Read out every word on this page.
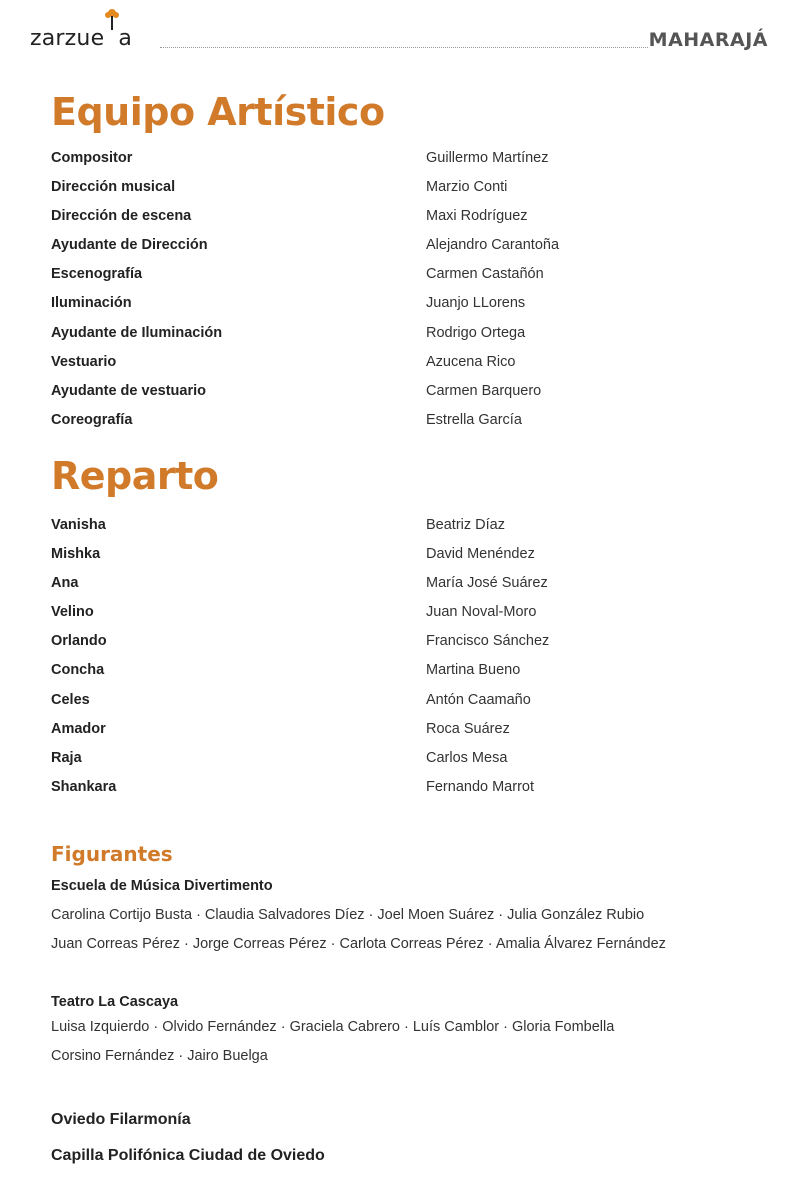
zarzue a	MAHARAJÁ
Equipo Artístico
Compositor	Guillermo Martínez
Dirección musical	Marzio Conti
Dirección de escena	Maxi Rodríguez
Ayudante de Dirección	Alejandro Carantoña
Escenografía	Carmen Castañón
Iluminación	Juanjo LLorens
Ayudante de Iluminación	Rodrigo Ortega
Vestuario	Azucena Rico
Ayudante de vestuario	Carmen Barquero
Coreografía	Estrella García
Reparto
Vanisha	Beatriz Díaz
Mishka	David Menéndez
Ana	María José Suárez
Velino	Juan Noval-Moro
Orlando	Francisco Sánchez
Concha	Martina Bueno
Celes	Antón Caamaño
Amador	Roca Suárez
Raja	Carlos Mesa
Shankara	Fernando Marrot
Figurantes
Escuela de Música Divertimento
Carolina Cortijo Busta · Claudia Salvadores Díez · Joel Moen Suárez · Julia González Rubio
Juan Correas Pérez · Jorge Correas Pérez · Carlota Correas Pérez · Amalia Álvarez Fernández
Teatro La Cascaya
Luisa Izquierdo · Olvido Fernández · Graciela Cabrero · Luís Camblor · Gloria Fombella
Corsino Fernández · Jairo Buelga
Oviedo Filarmonía
Capilla Polifónica Ciudad de Oviedo
